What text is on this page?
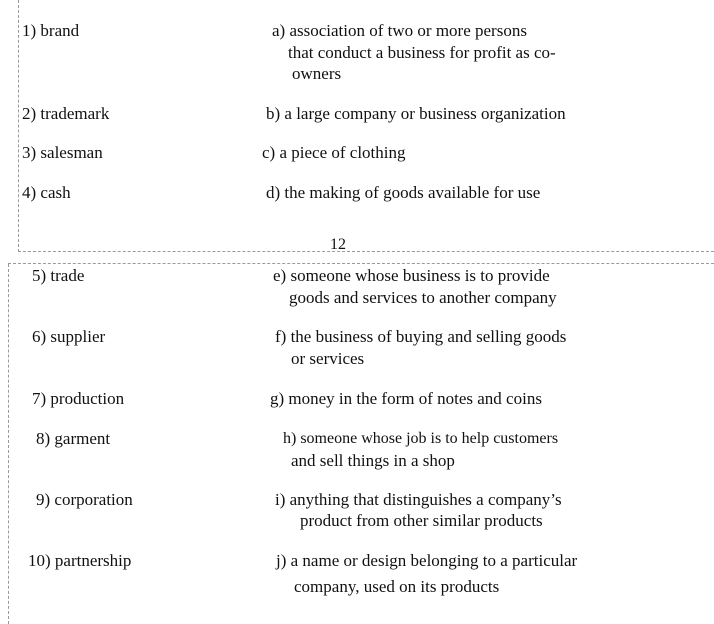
1) brand
2) trademark
3) salesman
4) cash
a) association of two or more persons
that conduct a business for profit as co-
owners
b) a large company or business organization
c) a piece of clothing
d) the making of goods available for use
12
5) trade
6) supplier
7) production
8) garment
9) corporation
10) partnership
e) someone whose business is to provide
goods and services to another company
f) the business of buying and selling goods
or services
g) money in the form of notes and coins
h) someone whose job is to help customers
and sell things in a shop
i) anything that distinguishes a company’s
product from other similar products
j) a name or design belonging to a particular
company, used on its products
